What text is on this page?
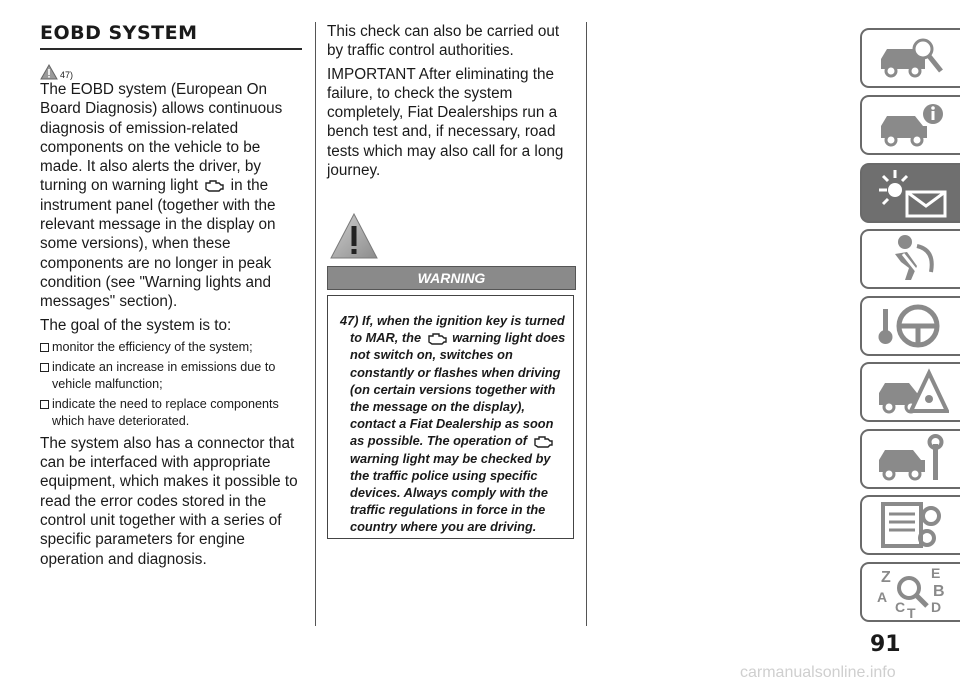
EOBD SYSTEM
47)

The EOBD system (European On Board Diagnosis) allows continuous diagnosis of emission-related components on the vehicle to be made. It also alerts the driver, by turning on warning light  in the instrument panel (together with the relevant message in the display on some versions), when these components are no longer in peak condition (see "Warning lights and messages" section).

The goal of the system is to:

monitor the efficiency of the system;
indicate an increase in emissions due to vehicle malfunction;
indicate the need to replace components which have deteriorated.

The system also has a connector that can be interfaced with appropriate equipment, which makes it possible to read the error codes stored in the control unit together with a series of specific parameters for engine operation and diagnosis.

This check can also be carried out by traffic control authorities.

IMPORTANT After eliminating the failure, to check the system completely, Fiat Dealerships run a bench test and, if necessary, road tests which may also call for a long journey.

WARNING

47) If, when the ignition key is turned to MAR, the  warning light does not switch on, switches on constantly or flashes when driving (on certain versions together with the message on the display), contact a Fiat Dealership as soon as possible. The operation of  warning light may be checked by the traffic police using specific devices. Always comply with the traffic regulations in force in the country where you are driving.

Z	E
B
A
C T D
91
carmanualsonline.info
